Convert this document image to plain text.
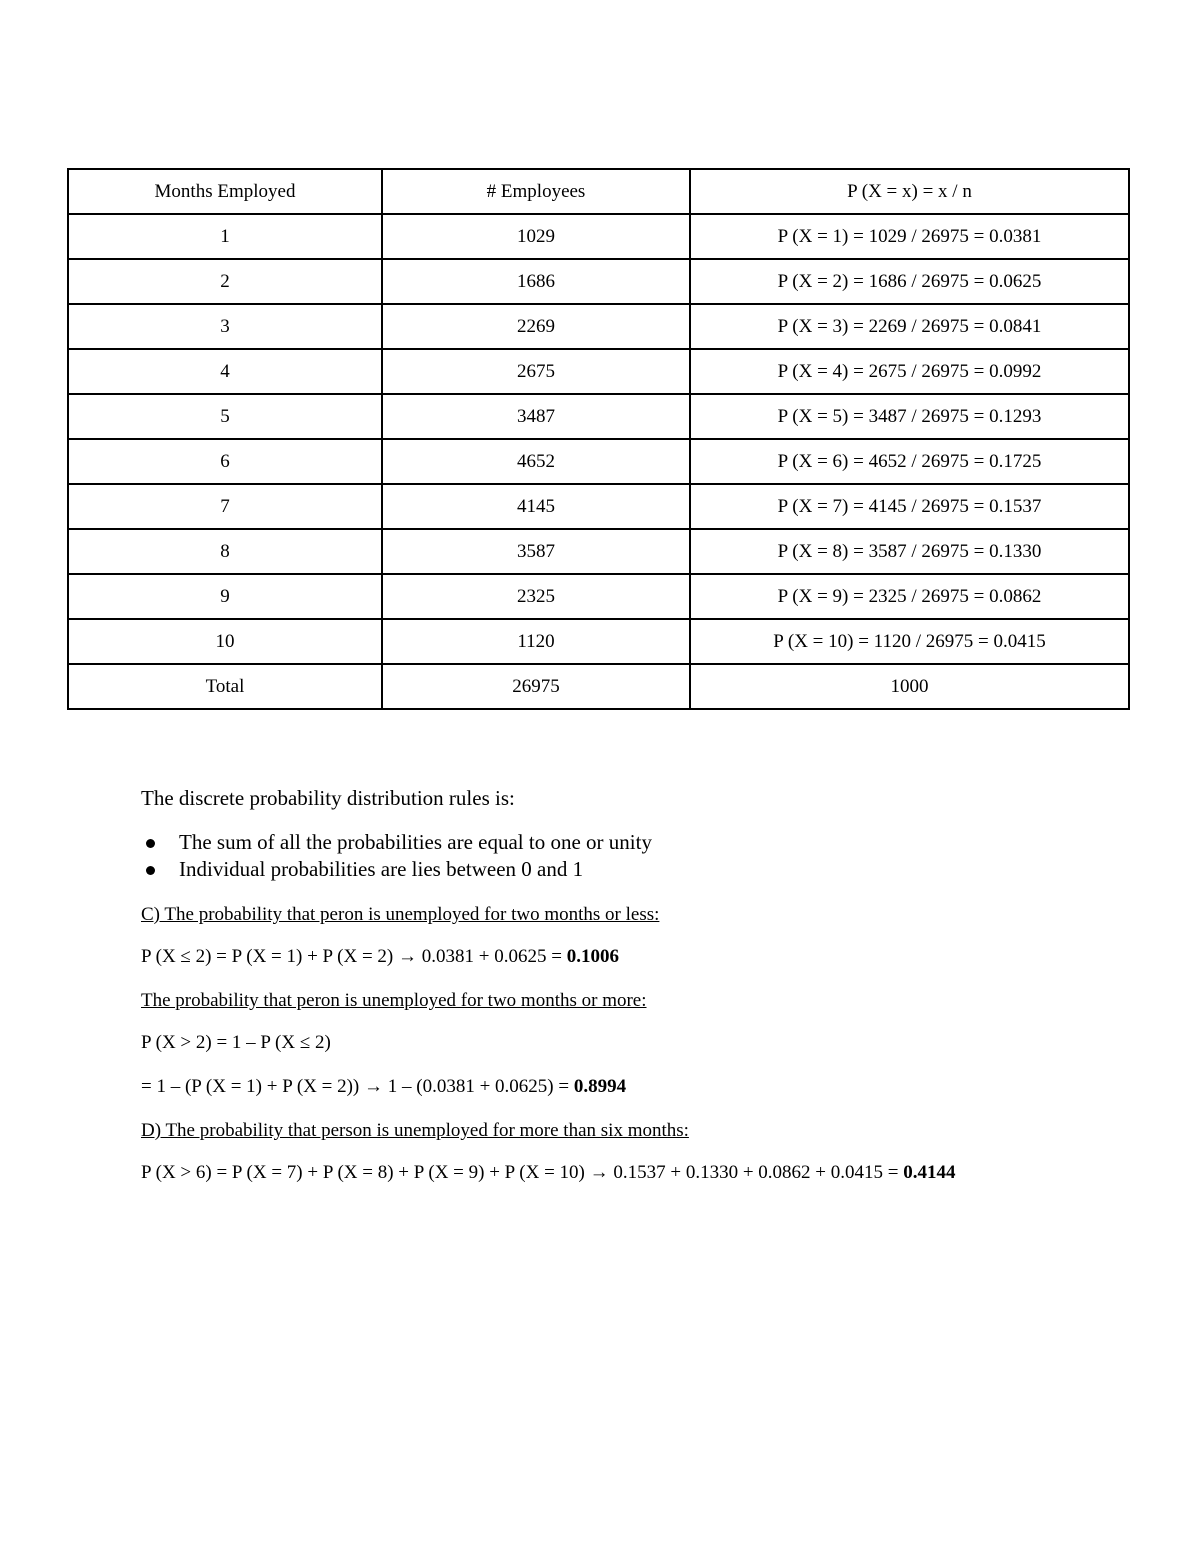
Months Employed	# Employees	P (X = x) = x / n
1	1029	P (X = 1) = 1029 / 26975 = 0.0381
2	1686	P (X = 2) = 1686 / 26975 = 0.0625
3	2269	P (X = 3) = 2269 / 26975 = 0.0841
4	2675	P (X = 4) = 2675 / 26975 = 0.0992
5	3487	P (X = 5) = 3487 / 26975 = 0.1293
6	4652	P (X = 6) = 4652 / 26975 = 0.1725
7	4145	P (X = 7) = 4145 / 26975 = 0.1537
8	3587	P (X = 8) = 3587 / 26975 = 0.1330
9	2325	P (X = 9) = 2325 / 26975 = 0.0862
10	1120	P (X = 10) = 1120 / 26975 = 0.0415
Total	26975	1000

The discrete probability distribution rules is:

The sum of all the probabilities are equal to one or unity
Individual probabilities are lies between 0 and 1

C) The probability that peron is unemployed for two months or less:

P (X ≤ 2) = P (X = 1) + P (X = 2) → 0.0381 + 0.0625 = 0.1006

The probability that peron is unemployed for two months or more:

P (X > 2) = 1 – P (X ≤ 2)

= 1 – (P (X = 1) + P (X = 2)) → 1 – (0.0381 + 0.0625) = 0.8994

D) The probability that person is unemployed for more than six months:

P (X > 6) = P (X = 7) + P (X = 8) + P (X = 9) + P (X = 10) → 0.1537 + 0.1330 + 0.0862 + 0.0415 = 0.4144
